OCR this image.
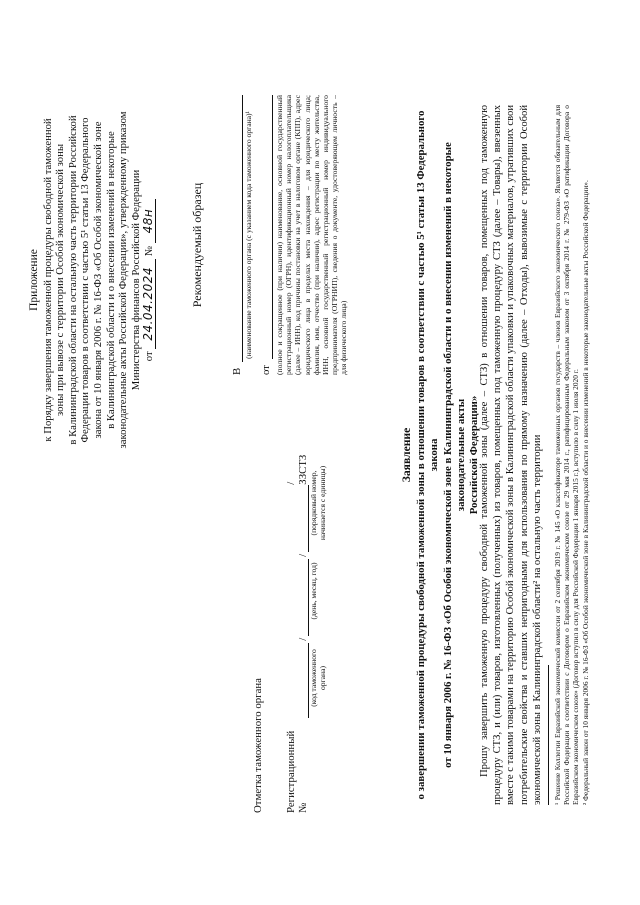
Приложение к Порядку завершения таможенной процедуры свободной таможенной зоны при вывозе с территории Особой экономической зоны в Калининградской области на остальную часть территории Российской Федерации товаров в соответствии с частью 5¹ статьи 13 Федерального закона от 10 января 2006 г. № 16-ФЗ «Об Особой экономической зоне в Калининградской области и о внесении изменений в некоторые законодательные акты Российской Федерации», утвержденному приказом Министерства финансов Российской Федерации от 24.04.2024 № 48н	Рекомендуемый образец
В
(наименование таможенного органа (с указанием кода таможенного органа)¹
от (полное и сокращенное (при наличии) наименование, основной государственный регистрационный номер (ОГРН), идентификационный номер налогоплательщика (далее – ИНН), код причины постановки на учет в налоговом органе (КПП), адрес юридического лица в пределах места нахождения – для юридического лица; фамилия, имя, отчество (при наличии), адрес регистрации по месту жительства, ИНН, основной государственный регистрационный номер индивидуального предпринимателя (ОГРНИП), сведения о документе, удостоверяющем личность – для физического лица)
Отметка таможенного органа Регистрационный №
/
/
/ЗЗСТЗ
(код таможенного органа)
(день, месяц, год)
(порядковый номер, начинается с единицы)
Заявление о завершении таможенной процедуры свободной таможенной зоны в отношении товаров в соответствии с частью 5¹ статьи 13 Федерального закона от 10 января 2006 г. № 16-ФЗ «Об Особой экономической зоне в Калининградской области и о внесении изменений в некоторые законодательные акты Российской Федерации»
Прошу завершить таможенную процедуру свободной таможенной зоны (далее – СТЗ) в отношении товаров, помещенных под таможенную процедуру СТЗ, и (или) товаров, изготовленных (полученных) из товаров, помещенных под таможенную процедуру СТЗ (далее – Товары), ввезенных вместе с такими товарами на территорию Особой экономической зоны в Калининградской области упаковки и упаковочных материалов, утративших свои потребительские свойства и ставших непригодными для использования по прямому назначению (далее – Отходы), вывозимые с территории Особой экономической зоны в Калининградской области² на остальную часть территории ¹ Решение Коллегии Евразийской экономической комиссии от 2 сентября 2019 г. № 145 «О классификаторе таможенных органов государств – членов Евразийского экономического союза». Является обязательным для Российской Федерации в соответствии с Договором о Евразийском экономическом союзе от 29 мая 2014 г., ратифицированным Федеральным законом от 3 октября 2014 г. № 279-ФЗ «О ратификации Договора о Евразийском экономическом союзе» (Договор вступил в силу для Российской Федерации 1 января 2015 г.), вступило в силу 1 июля 2020 г. ² Федеральный закон от 10 января 2006 г. № 16-ФЗ «Об Особой экономической зоне в Калининградской области и о внесении изменений в некоторые законодательные акты Российской Федерации».
